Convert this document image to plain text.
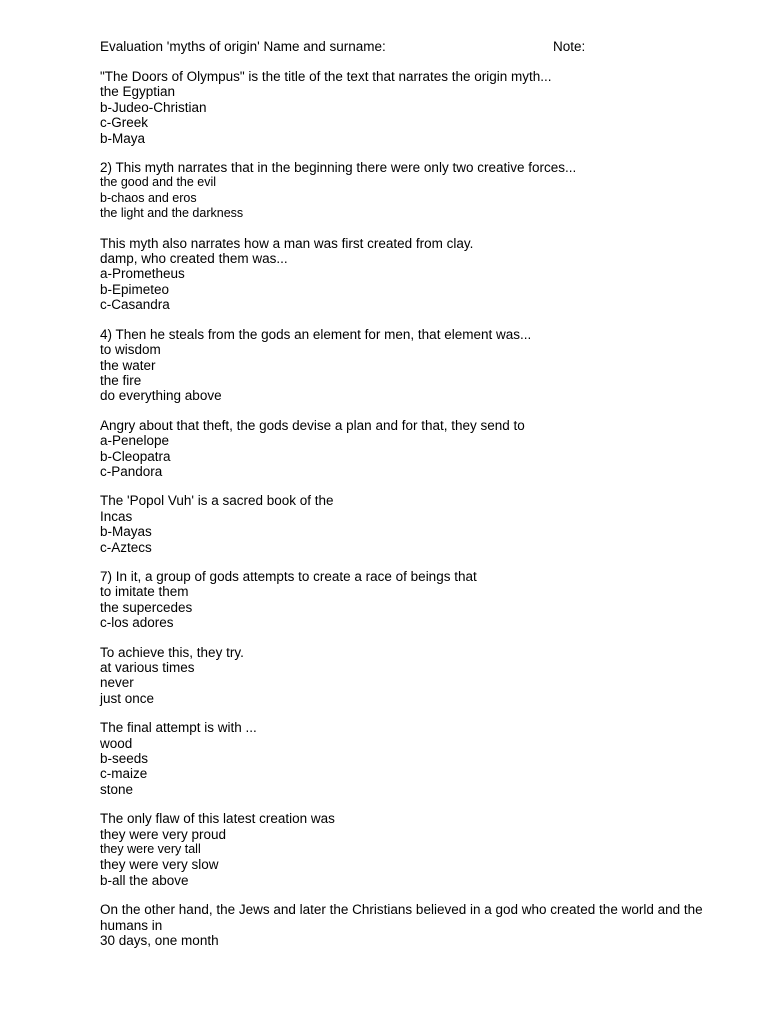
Evaluation 'myths of origin' Name and surname:	Note:
"The Doors of Olympus" is the title of the text that narrates the origin myth...
the Egyptian
b-Judeo-Christian
c-Greek
b-Maya
2) This myth narrates that in the beginning there were only two creative forces...
the good and the evil
b-chaos and eros
the light and the darkness
This myth also narrates how a man was first created from clay.
damp, who created them was...
a-Prometheus
b-Epimeteo
c-Casandra
4) Then he steals from the gods an element for men, that element was...
to wisdom
the water
the fire
do everything above
Angry about that theft, the gods devise a plan and for that, they send to
a-Penelope
b-Cleopatra
c-Pandora
The 'Popol Vuh' is a sacred book of the
Incas
b-Mayas
c-Aztecs
7) In it, a group of gods attempts to create a race of beings that
to imitate them
the supercedes
c-los adores
To achieve this, they try.
at various times
never
just once
The final attempt is with ...
wood
b-seeds
c-maize
stone
The only flaw of this latest creation was
they were very proud
they were very tall
they were very slow
b-all the above
On the other hand, the Jews and later the Christians believed in a god who created the world and the humans in
30 days, one month
